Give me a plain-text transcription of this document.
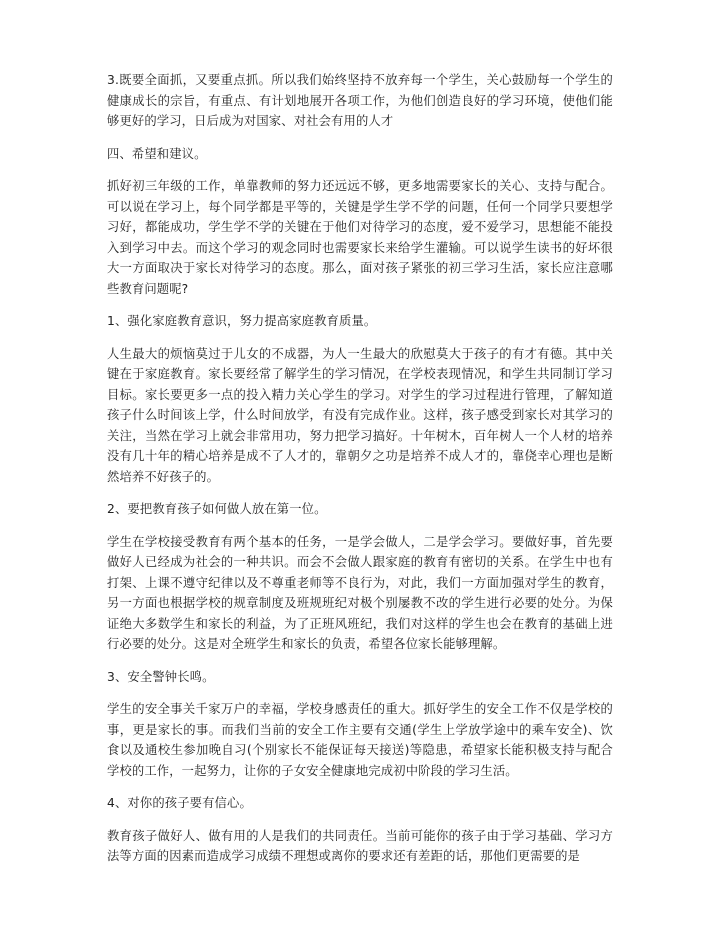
3.既要全面抓，又要重点抓。所以我们始终坚持不放弃每一个学生，关心鼓励每一个学生的健康成长的宗旨，有重点、有计划地展开各项工作，为他们创造良好的学习环境，使他们能够更好的学习，日后成为对国家、对社会有用的人才

四、希望和建议。

抓好初三年级的工作，单靠教师的努力还远远不够，更多地需要家长的关心、支持与配合。可以说在学习上，每个同学都是平等的，关键是学生学不学的问题，任何一个同学只要想学习好，都能成功，学生学不学的关键在于他们对待学习的态度，爱不爱学习，思想能不能投入到学习中去。而这个学习的观念同时也需要家长来给学生灌输。可以说学生读书的好坏很大一方面取决于家长对待学习的态度。那么，面对孩子紧张的初三学习生活，家长应注意哪些教育问题呢?

1、强化家庭教育意识，努力提高家庭教育质量。

人生最大的烦恼莫过于儿女的不成器，为人一生最大的欣慰莫大于孩子的有才有德。其中关键在于家庭教育。家长要经常了解学生的学习情况，在学校表现情况，和学生共同制订学习目标。家长要更多一点的投入精力关心学生的学习。对学生的学习过程进行管理，了解知道孩子什么时间该上学，什么时间放学，有没有完成作业。这样，孩子感受到家长对其学习的关注，当然在学习上就会非常用功，努力把学习搞好。十年树木，百年树人一个人材的培养没有几十年的精心培养是成不了人才的，靠朝夕之功是培养不成人才的，靠侥幸心理也是断然培养不好孩子的。

2、要把教育孩子如何做人放在第一位。

学生在学校接受教育有两个基本的任务，一是学会做人，二是学会学习。要做好事，首先要做好人已经成为社会的一种共识。而会不会做人跟家庭的教育有密切的关系。在学生中也有打架、上课不遵守纪律以及不尊重老师等不良行为，对此，我们一方面加强对学生的教育，另一方面也根据学校的规章制度及班规班纪对极个别屡教不改的学生进行必要的处分。为保证绝大多数学生和家长的利益，为了正班风班纪，我们对这样的学生也会在教育的基础上进行必要的处分。这是对全班学生和家长的负责，希望各位家长能够理解。

3、安全警钟长鸣。

学生的安全事关千家万户的幸福，学校身感责任的重大。抓好学生的安全工作不仅是学校的事，更是家长的事。而我们当前的安全工作主要有交通(学生上学放学途中的乘车安全)、饮食以及通校生参加晚自习(个别家长不能保证每天接送)等隐患，希望家长能积极支持与配合学校的工作，一起努力，让你的子女安全健康地完成初中阶段的学习生活。

4、对你的孩子要有信心。

教育孩子做好人、做有用的人是我们的共同责任。当前可能你的孩子由于学习基础、学习方法等方面的因素而造成学习成绩不理想或离你的要求还有差距的话，那他们更需要的是
